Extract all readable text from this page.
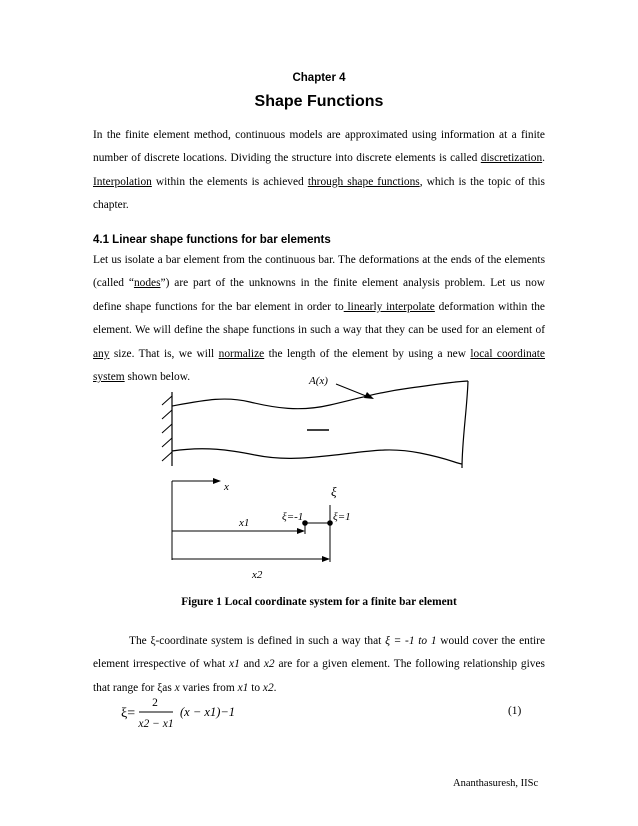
Chapter 4
Shape Functions

In the finite element method, continuous models are approximated using information at a finite number of discrete locations. Dividing the structure into discrete elements is called discretization. Interpolation within the elements is achieved through shape functions, which is the topic of this chapter.

4.1 Linear shape functions for bar elements

Let us isolate a bar element from the continuous bar. The deformations at the ends of the elements (called “nodes”) are part of the unknowns in the finite element analysis problem. Let us now define shape functions for the bar element in order to linearly interpolate deformation within the element. We will define the shape functions in such a way that they can be used for an element of any size. That is, we will normalize the length of the element by using a new local coordinate system shown below.	A(x)
x
x1
x2
ξ
ξ=-1	ξ=1
Figure 1 Local coordinate system for a finite bar element

The ξ-coordinate system is defined in such a way that ξ = -1 to 1 would cover the entire element irrespective of what x1 and x2 are for a given element. The following relationship gives that range for ξas x varies from x1 to x2.

ξ=
2
x2 − x1
(x − x1)−1	(1)
Ananthasuresh, IISc
